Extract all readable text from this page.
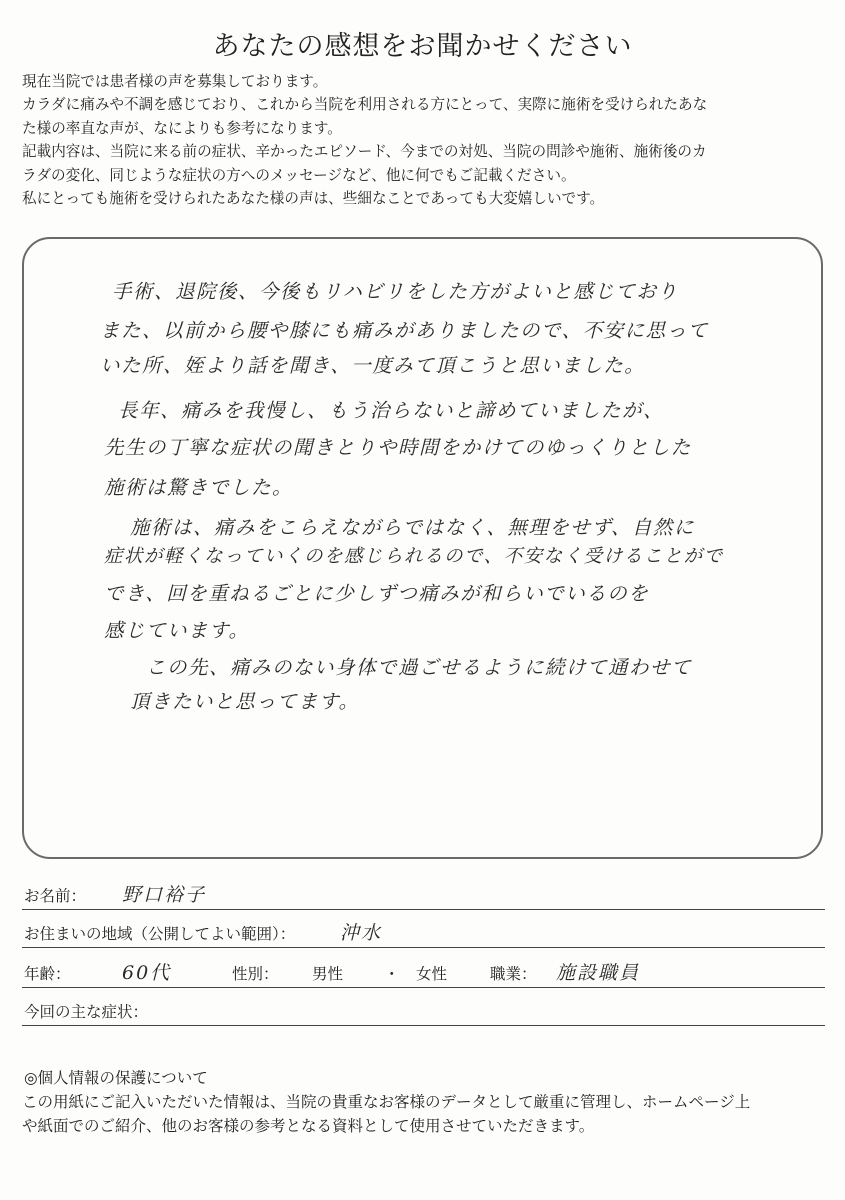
あなたの感想をお聞かせください

現在当院では患者様の声を募集しております。

カラダに痛みや不調を感じており、これから当院を利用される方にとって、実際に施術を受けられたあな

た様の率直な声が、なによりも参考になります。

記載内容は、当院に来る前の症状、辛かったエピソード、今までの対処、当院の問診や施術、施術後のカ

ラダの変化、同じような症状の方へのメッセージなど、他に何でもご記載ください。

私にとっても施術を受けられたあなた様の声は、些細なことであっても大変嬉しいです。

手術、退院後、今後もリハビリをした方がよいと感じており
また、以前から腰や膝にも痛みがありましたので、不安に思って
いた所、姪より話を聞き、一度みて頂こうと思いました。
長年、痛みを我慢し、もう治らないと諦めていましたが、
先生の丁寧な症状の聞きとりや時間をかけてのゆっくりとした
施術は驚きでした。
施術は、痛みをこらえながらではなく、無理をせず、自然に
症状が軽くなっていくのを感じられるので、不安なく受けることがで
でき、回を重ねるごとに少しずつ痛みが和らいでいるのを
感じています。
この先、痛みのない身体で過ごせるように続けて通わせて
頂きたいと思ってます。
お名前： 野口裕子
お住まいの地域（公開してよい範囲）： 沖水
年齢：	60代	性別： 男性	・ 女性	職業： 施設職員
今回の主な症状：
◎個人情報の保護について

この用紙にご記入いただいた情報は、当院の貴重なお客様のデータとして厳重に管理し、ホームページ上

や紙面でのご紹介、他のお客様の参考となる資料として使用させていただきます。
